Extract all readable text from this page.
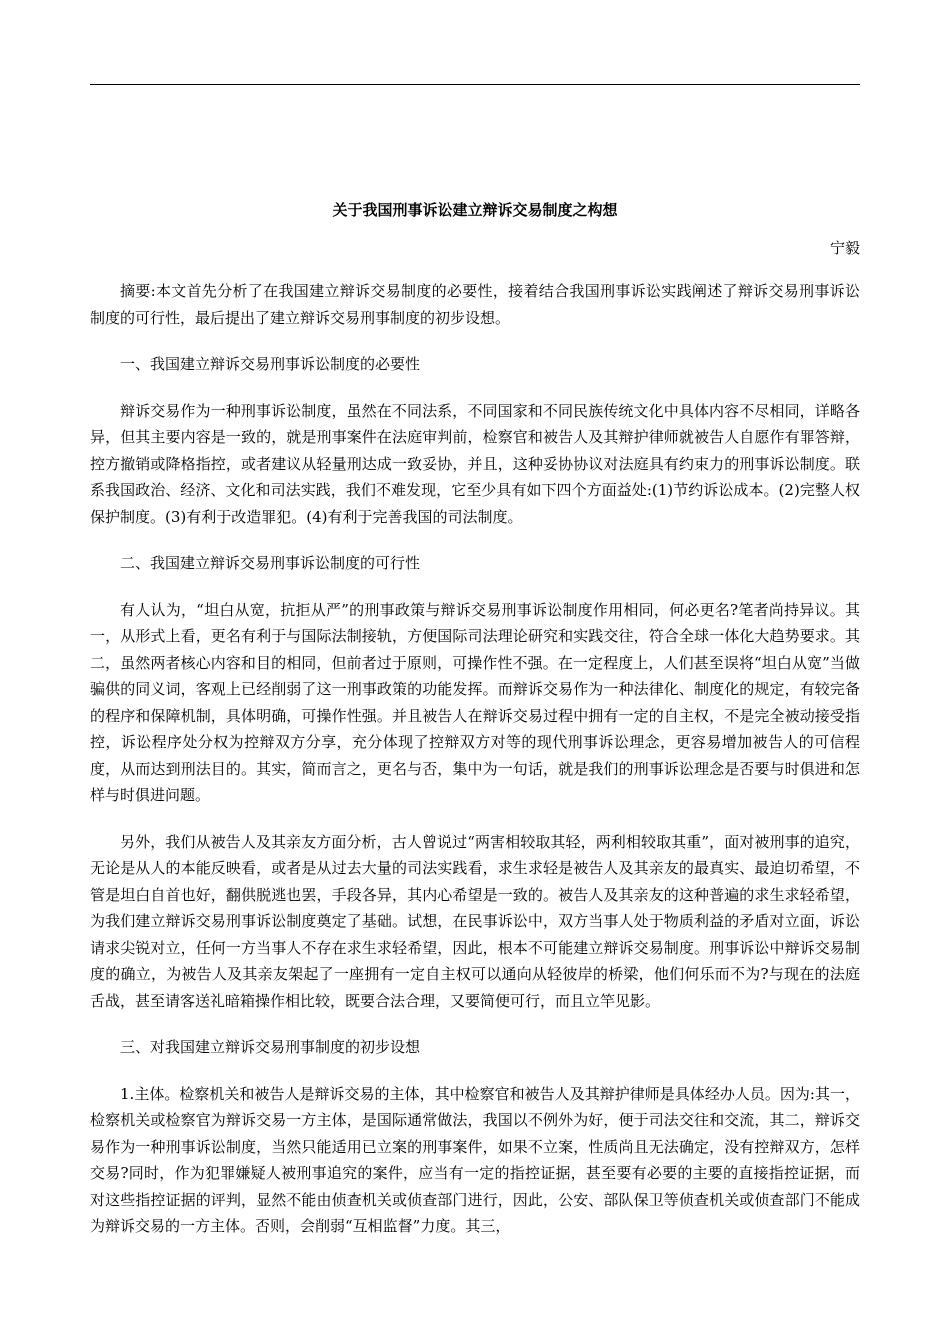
关于我国刑事诉讼建立辩诉交易制度之构想

宁毅

摘要:本文首先分析了在我国建立辩诉交易制度的必要性，接着结合我国刑事诉讼实践阐述了辩诉交易刑事诉讼制度的可行性，最后提出了建立辩诉交易刑事制度的初步设想。

一、我国建立辩诉交易刑事诉讼制度的必要性

辩诉交易作为一种刑事诉讼制度，虽然在不同法系，不同国家和不同民族传统文化中具体内容不尽相同，详略各异，但其主要内容是一致的，就是刑事案件在法庭审判前，检察官和被告人及其辩护律师就被告人自愿作有罪答辩，控方撤销或降格指控，或者建议从轻量刑达成一致妥协，并且，这种妥协协议对法庭具有约束力的刑事诉讼制度。联系我国政治、经济、文化和司法实践，我们不难发现，它至少具有如下四个方面益处:(1)节约诉讼成本。(2)完整人权保护制度。(3)有利于改造罪犯。(4)有利于完善我国的司法制度。

二、我国建立辩诉交易刑事诉讼制度的可行性

有人认为，“坦白从宽，抗拒从严”的刑事政策与辩诉交易刑事诉讼制度作用相同，何必更名?笔者尚持异议。其一，从形式上看，更名有利于与国际法制接轨，方便国际司法理论研究和实践交往，符合全球一体化大趋势要求。其二，虽然两者核心内容和目的相同，但前者过于原则，可操作性不强。在一定程度上，人们甚至误将“坦白从宽”当做骗供的同义词，客观上已经削弱了这一刑事政策的功能发挥。而辩诉交易作为一种法律化、制度化的规定，有较完备的程序和保障机制，具体明确，可操作性强。并且被告人在辩诉交易过程中拥有一定的自主权，不是完全被动接受指控，诉讼程序处分权为控辩双方分享，充分体现了控辩双方对等的现代刑事诉讼理念，更容易增加被告人的可信程度，从而达到刑法目的。其实，简而言之，更名与否，集中为一句话，就是我们的刑事诉讼理念是否要与时俱进和怎样与时俱进问题。

另外，我们从被告人及其亲友方面分析，古人曾说过“两害相较取其轻，两利相较取其重”，面对被刑事的追究，无论是从人的本能反映看，或者是从过去大量的司法实践看，求生求轻是被告人及其亲友的最真实、最迫切希望，不管是坦白自首也好，翻供脱逃也罢，手段各异，其内心希望是一致的。被告人及其亲友的这种普遍的求生求轻希望，为我们建立辩诉交易刑事诉讼制度奠定了基础。试想，在民事诉讼中，双方当事人处于物质利益的矛盾对立面，诉讼请求尖锐对立，任何一方当事人不存在求生求轻希望，因此，根本不可能建立辩诉交易制度。刑事诉讼中辩诉交易制度的确立，为被告人及其亲友架起了一座拥有一定自主权可以通向从轻彼岸的桥梁，他们何乐而不为?与现在的法庭舌战，甚至请客送礼暗箱操作相比较，既要合法合理，又要简便可行，而且立竿见影。

三、对我国建立辩诉交易刑事制度的初步设想

1.主体。检察机关和被告人是辩诉交易的主体，其中检察官和被告人及其辩护律师是具体经办人员。因为:其一，检察机关或检察官为辩诉交易一方主体，是国际通常做法，我国以不例外为好，便于司法交往和交流，其二，辩诉交易作为一种刑事诉讼制度，当然只能适用已立案的刑事案件，如果不立案，性质尚且无法确定，没有控辩双方，怎样交易?同时，作为犯罪嫌疑人被刑事追究的案件，应当有一定的指控证据，甚至要有必要的主要的直接指控证据，而对这些指控证据的评判，显然不能由侦查机关或侦查部门进行，因此，公安、部队保卫等侦查机关或侦查部门不能成为辩诉交易的一方主体。否则，会削弱“互相监督”力度。其三，
